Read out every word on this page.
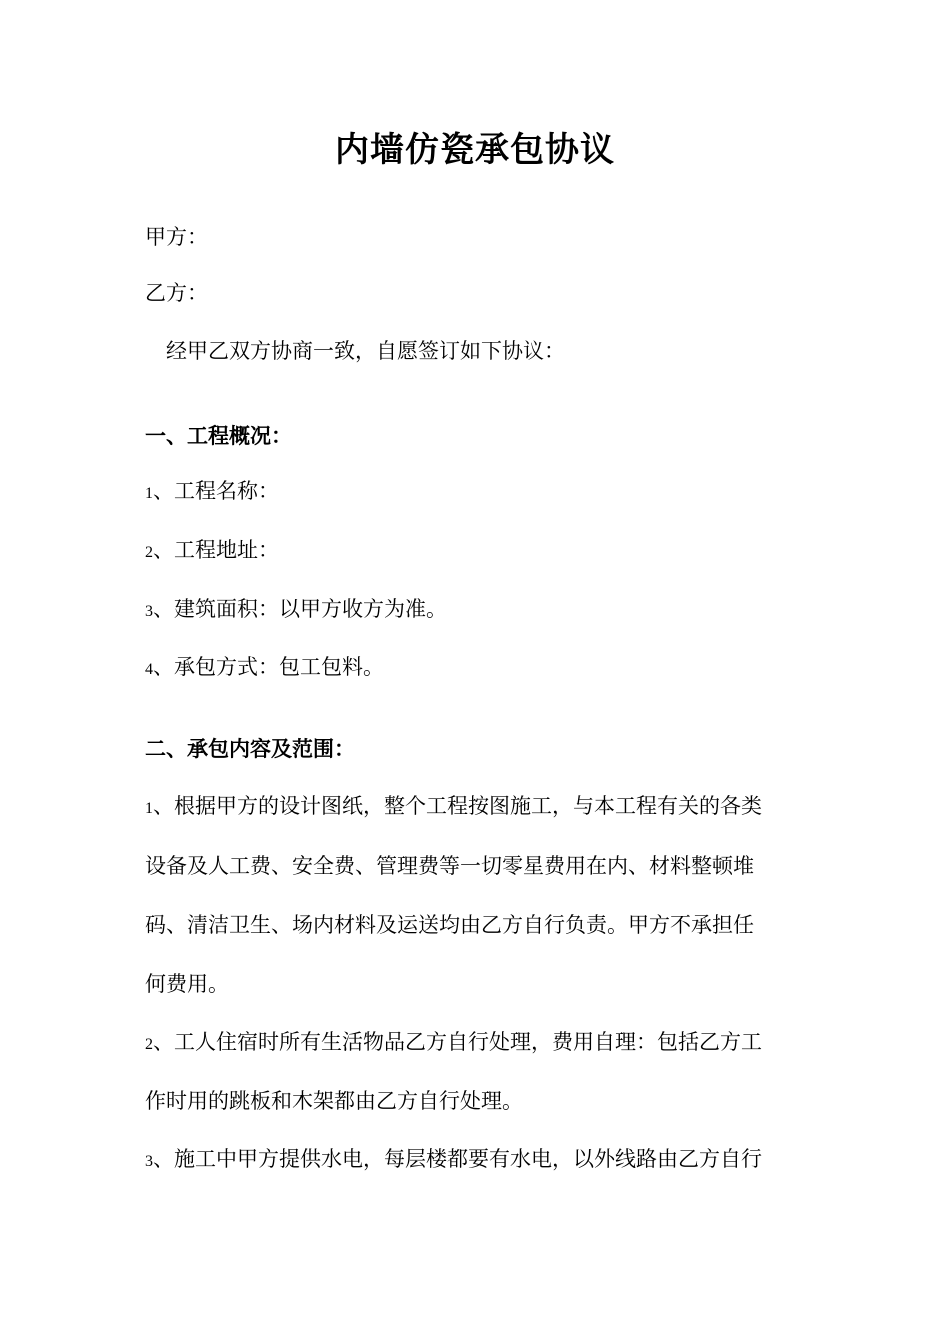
内墙仿瓷承包协议
甲方：
乙方：
经甲乙双方协商一致，自愿签订如下协议：
一、工程概况：
1、工程名称：
2、工程地址：
3、建筑面积：以甲方收方为准。
4、承包方式：包工包料。
二、承包内容及范围：
1、根据甲方的设计图纸，整个工程按图施工，与本工程有关的各类
设备及人工费、安全费、管理费等一切零星费用在内、材料整顿堆
码、清洁卫生、场内材料及运送均由乙方自行负责。甲方不承担任
何费用。
2、工人住宿时所有生活物品乙方自行处理，费用自理：包括乙方工
作时用的跳板和木架都由乙方自行处理。
3、施工中甲方提供水电，每层楼都要有水电，以外线路由乙方自行
